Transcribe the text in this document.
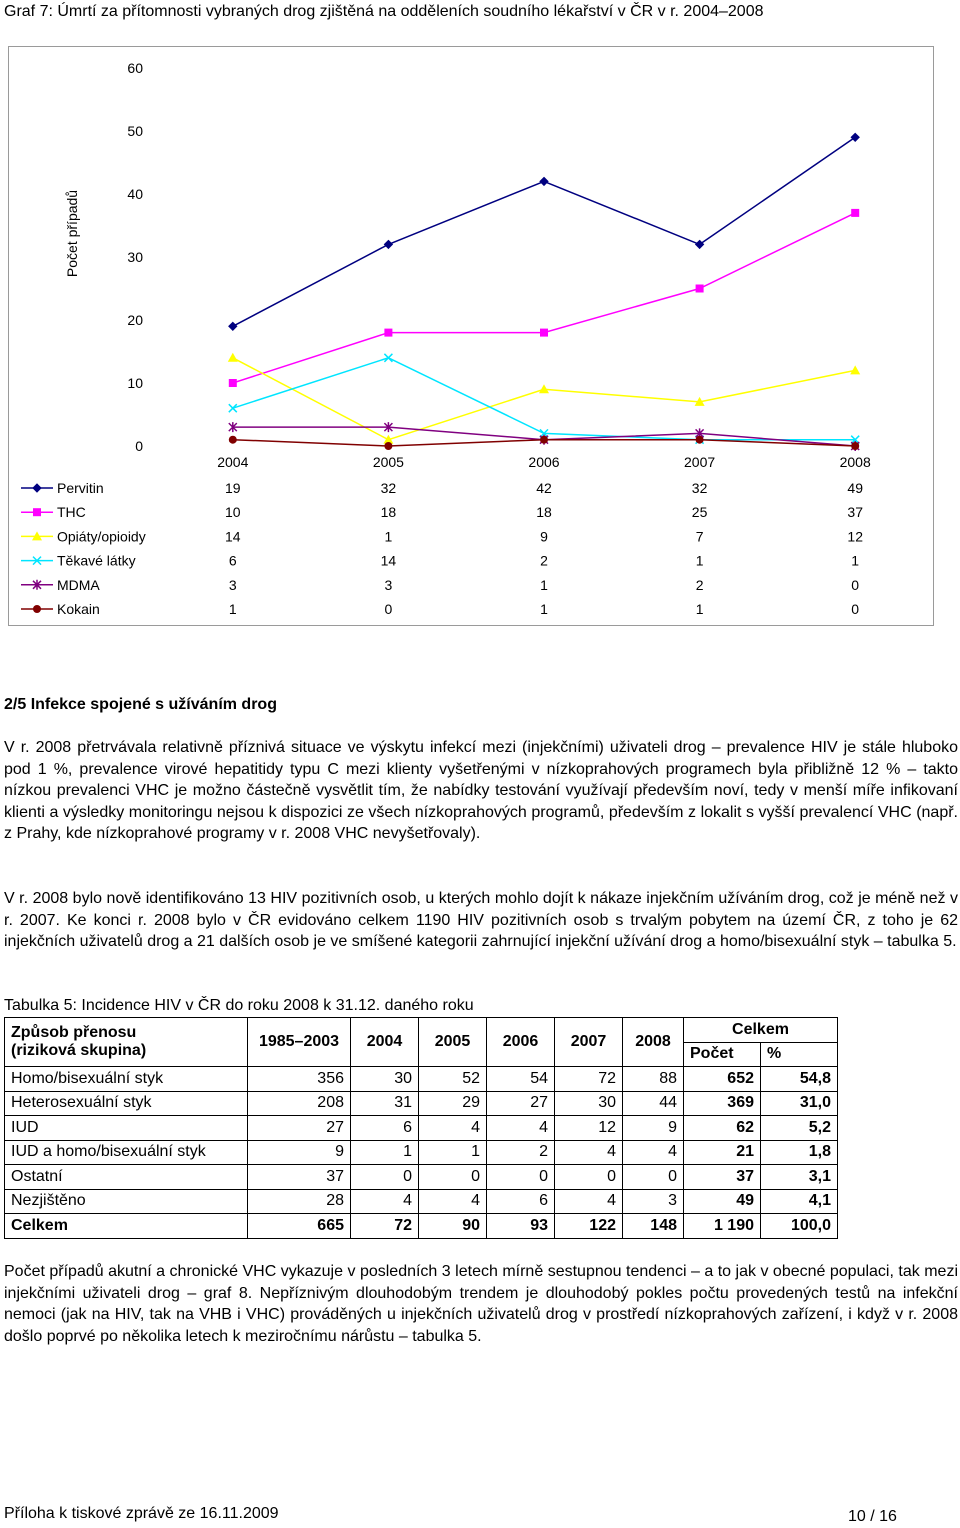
Graf 7: Úmrtí za přítomnosti vybraných drog zjištěná na odděleních soudního lékařství v ČR v r. 2004–2008
0
10
20
30
40
50
60
Počet případů
2004	2005	2006	2007	2008
Pervitin	19	32	42	32	49
THC	10	18	18	25	37
Opiáty/opioidy	14	1	9	7	12
Těkavé látky	6	14	2	1	1
MDMA	3	3	1	2	0
Kokain	1	0	1	1	0
2/5 Infekce spojené s užíváním drog
V r. 2008 přetrvávala relativně příznivá situace ve výskytu infekcí mezi (injekčními) uživateli drog – prevalence HIV je stále hluboko pod 1 %, prevalence virové hepatitidy typu C mezi klienty vyšetřenými v nízkoprahových programech byla přibližně 12 % – takto nízkou prevalenci VHC je možno částečně vysvětlit tím, že nabídky testování využívají především noví, tedy v menší míře infikovaní klienti a výsledky monitoringu nejsou k dispozici ze všech nízkoprahových programů, především z lokalit s vyšší prevalencí VHC (např. z Prahy, kde nízkoprahové programy v r. 2008 VHC nevyšetřovaly).
V r. 2008 bylo nově identifikováno 13 HIV pozitivních osob, u kterých mohlo dojít k nákaze injekčním užíváním drog, což je méně než v r. 2007. Ke konci r. 2008 bylo v ČR evidováno celkem 1190 HIV pozitivních osob s trvalým pobytem na území ČR, z toho je 62 injekčních uživatelů drog a 21 dalších osob je ve smíšené kategorii zahrnující injekční užívání drog a homo/bisexuální styk – tabulka 5.
Tabulka 5: Incidence HIV v ČR do roku 2008 k 31.12. daného roku
Způsob přenosu
(riziková skupina)	1985–2003	2004	2005	2006	2007	2008	Celkem	
							Počet	%
Homo/bisexuální styk	356	30	52	54	72	88	652	54,8
Heterosexuální styk	208	31	29	27	30	44	369	31,0
IUD	27	6	4	4	12	9	62	5,2
IUD a homo/bisexuální styk	9	1	1	2	4	4	21	1,8
Ostatní	37	0	0	0	0	0	37	3,1
Nezjištěno	28	4	4	6	4	3	49	4,1
Celkem	665	72	90	93	122	148	1 190	100,0
Počet případů akutní a chronické VHC vykazuje v posledních 3 letech mírně sestupnou tendenci – a to jak v obecné populaci, tak mezi injekčními uživateli drog – graf 8. Nepříznivým dlouhodobým trendem je dlouhodobý pokles počtu provedených testů na infekční nemoci (jak na HIV, tak na VHB i VHC) prováděných u injekčních uživatelů drog v prostředí nízkoprahových zařízení, i když v r. 2008 došlo poprvé po několika letech k meziročnímu nárůstu – tabulka 5.
Příloha k tiskové zprávě ze 16.11.2009	10 / 16
